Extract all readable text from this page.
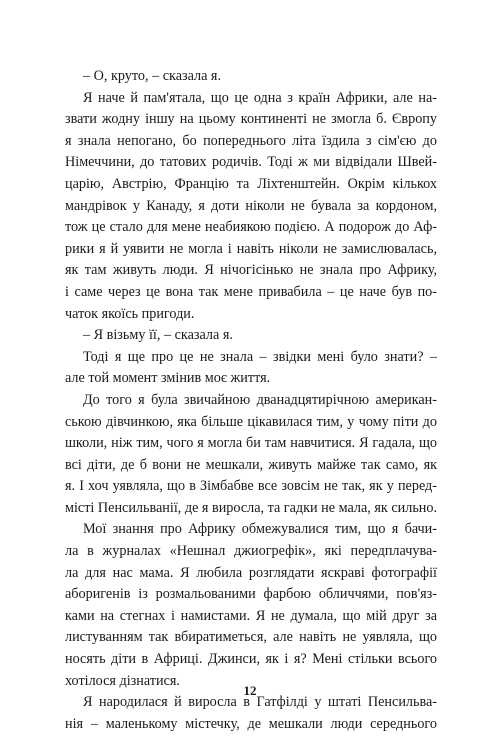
– О, круто, – сказала я.
Я наче й пам'ятала, що це одна з країн Африки, але на-
звати жодну іншу на цьому континенті не змогла б. Європу
я знала непогано, бо попереднього літа їздила з сім'єю до
Німеччини, до татових родичів. Тоді ж ми відвідали Швей-
царію, Австрію, Францію та Ліхтенштейн. Окрім кількох
мандрівок у Канаду, я доти ніколи не бувала за кордоном,
тож це стало для мене неабиякою подією. А подорож до Аф-
рики я й уявити не могла і навіть ніколи не замислювалась,
як там живуть люди. Я нічогісінько не знала про Африку,
і саме через це вона так мене привабила – це наче був по-
чаток якоїсь пригоди.
– Я візьму її, – сказала я.
Тоді я ще про це не знала – звідки мені було знати? –
але той момент змінив моє життя.
До того я була звичайною дванадцятирічною американ-
ською дівчинкою, яка більше цікавилася тим, у чому піти до
школи, ніж тим, чого я могла би там навчитися. Я гадала, що
всі діти, де б вони не мешкали, живуть майже так само, як
я. І хоч уявляла, що в Зімбабве все зовсім не так, як у перед-
місті Пенсильванії, де я виросла, та гадки не мала, як сильно.
Мої знання про Африку обмежувалися тим, що я бачи-
ла в журналах «Нешнал джиогрефік», які передплачува-
ла для нас мама. Я любила розглядати яскраві фотографії
аборигенів із розмальованими фарбою обличчями, пов'яз-
ками на стегнах і намистами. Я не думала, що мій друг за
листуванням так вбиратиметься, але навіть не уявляла, що
носять діти в Африці. Джинси, як і я? Мені стільки всього
хотілося дізнатися.
Я народилася й виросла в Гатфілді у штаті Пенсильва-
нія – маленькому містечку, де мешкали люди середнього
12
